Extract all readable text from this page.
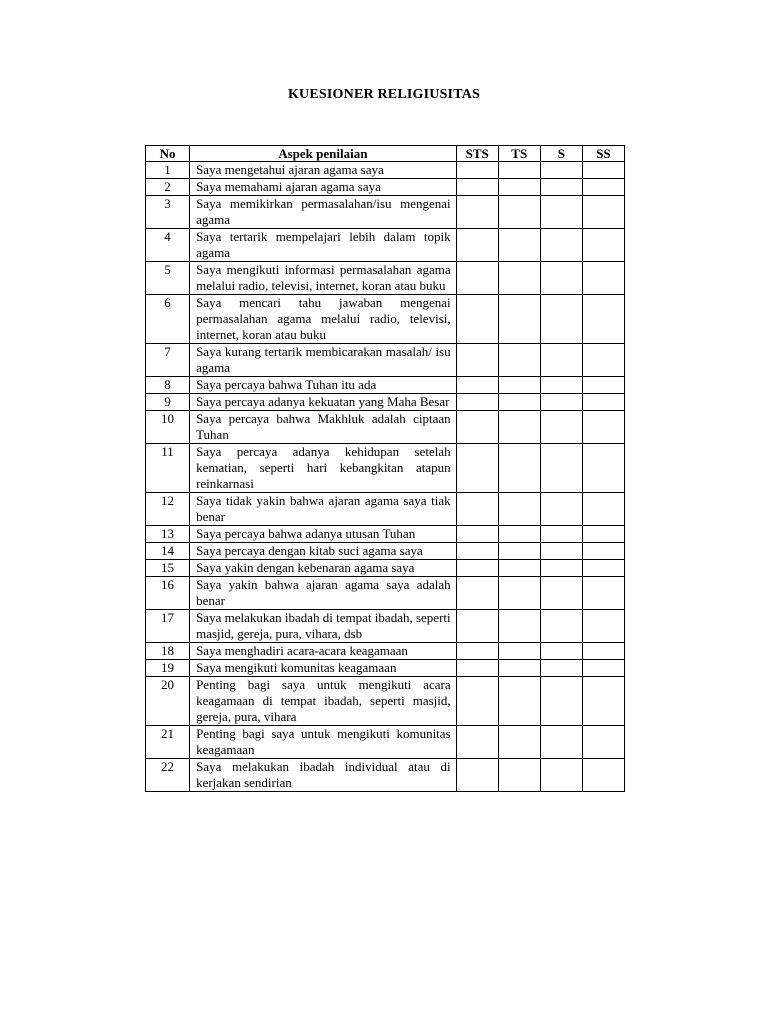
KUESIONER RELIGIUSITAS
No	Aspek penilaian	STS	TS	S	SS
1	Saya mengetahui ajaran agama saya				
2	Saya memahami ajaran agama saya				
3	Saya memikirkan permasalahan/isu mengenai agama				
4	Saya tertarik mempelajari lebih dalam topik agama				
5	Saya mengikuti informasi permasalahan agama melalui radio, televisi, internet, koran atau buku				
6	Saya mencari tahu jawaban mengenai permasalahan agama melalui radio, televisi, internet, koran atau buku				
7	Saya kurang tertarik membicarakan masalah/ isu agama				
8	Saya percaya bahwa Tuhan itu ada				
9	Saya percaya adanya kekuatan yang Maha Besar				
10	Saya percaya bahwa Makhluk adalah ciptaan Tuhan				
11	Saya percaya adanya kehidupan setelah kematian, seperti hari kebangkitan atapun reinkarnasi				
12	Saya tidak yakin bahwa ajaran agama saya tiak benar				
13	Saya percaya bahwa adanya utusan Tuhan				
14	Saya percaya dengan kitab suci agama saya				
15	Saya yakin dengan kebenaran agama saya				
16	Saya yakin bahwa ajaran agama saya adalah benar				
17	Saya melakukan ibadah di tempat ibadah, seperti masjid, gereja, pura, vihara, dsb				
18	Saya menghadiri acara-acara keagamaan				
19	Saya mengikuti komunitas keagamaan				
20	Penting bagi saya untuk mengikuti acara keagamaan di tempat ibadah, seperti masjid, gereja, pura, vihara				
21	Penting bagi saya untuk mengikuti komunitas keagamaan				
22	Saya melakukan ibadah individual atau di kerjakan sendirian				
